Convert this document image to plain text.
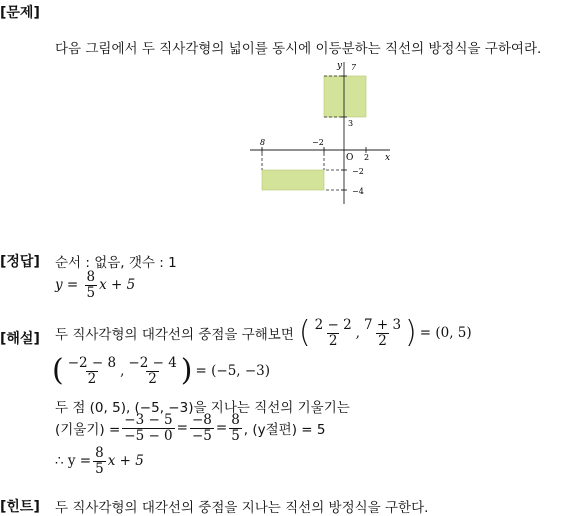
[문제]
다음 그림에서 두 직사각형의 넓이를 동시에 이등분하는 직선의 방정식을 구하여라.
x
y
O
8	−2
2
7
3
−2
−4
[정답] 순서 : 없음, 갯수 : 1
$y = \frac{8}{5}$ x + 5
[해설] 두 직사각형의 대각선의 중점을 구해보면 ( $\frac{2 - 2}{2}$ , $\frac{7 + 3}{2}$ ) = (0, 5)
( $\frac{-2 - 8}{2}$ , $\frac{-2 - 4}{2}$ ) = (−5, −3)
두 점 (0, 5), (−5, −3)을 지나는 직선의 기울기는
(기울기) = $\frac{-3 - 5}{-5 - 0} = \frac{-8}{-5} = \frac{8}{5}$ , (y절편) = 5
∴ $y = \frac{8}{5}$ x + 5
[힌트] 두 직사각형의 대각선의 중점을 지나는 직선의 방정식을 구한다.
